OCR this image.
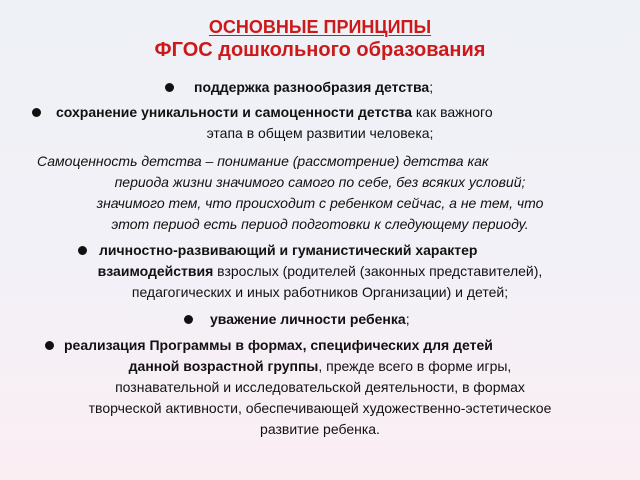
ОСНОВНЫЕ ПРИНЦИПЫ
ФГОС дошкольного образования
поддержка разнообразия детства;
сохранение уникальности и самоценности детства как важного
этапа в общем развитии человека;
Самоценность детства – понимание (рассмотрение) детства как
периода жизни значимого самого по себе, без всяких условий;
значимого тем, что происходит с ребенком сейчас, а не тем, что
этот период есть период подготовки к следующему периоду.
личностно-развивающий и гуманистический характер
взаимодействия взрослых (родителей (законных представителей),
педагогических и иных работников Организации) и детей;
уважение личности ребенка;
реализация Программы в формах, специфических для детей
данной возрастной группы, прежде всего в форме игры,
познавательной и исследовательской деятельности, в формах
творческой активности, обеспечивающей художественно-эстетическое
развитие ребенка.
